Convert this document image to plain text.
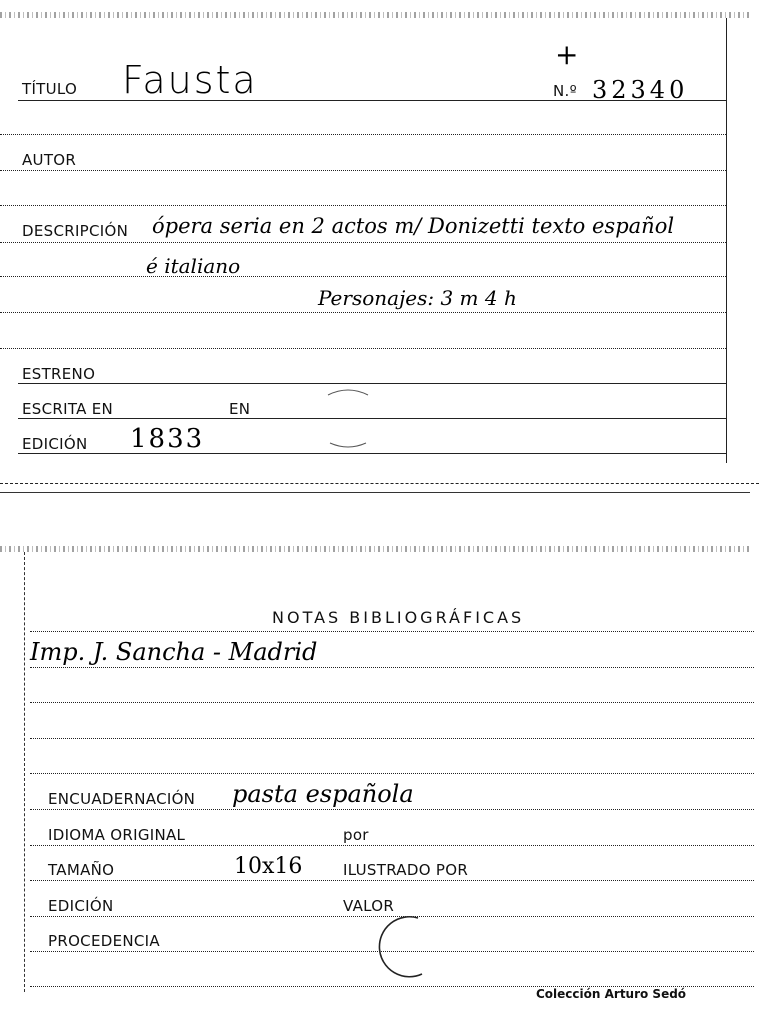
TÍTULO Fausta
+
N.º 32340
AUTOR
DESCRIPCIÓN ópera seria en 2 actos m/ Donizetti texto español
é italiano
Personajes: 3 m 4 h
ESTRENO
ESCRITA EN	EN
EDICIÓN 1833
NOTAS BIBLIOGRÁFICAS
Imp. J. Sancha - Madrid
ENCUADERNACIÓN pasta española
IDIOMA ORIGINAL	por
TAMAÑO	10x16	ILUSTRADO POR
EDICIÓN	VALOR
PROCEDENCIA
Colección Arturo Sedó
